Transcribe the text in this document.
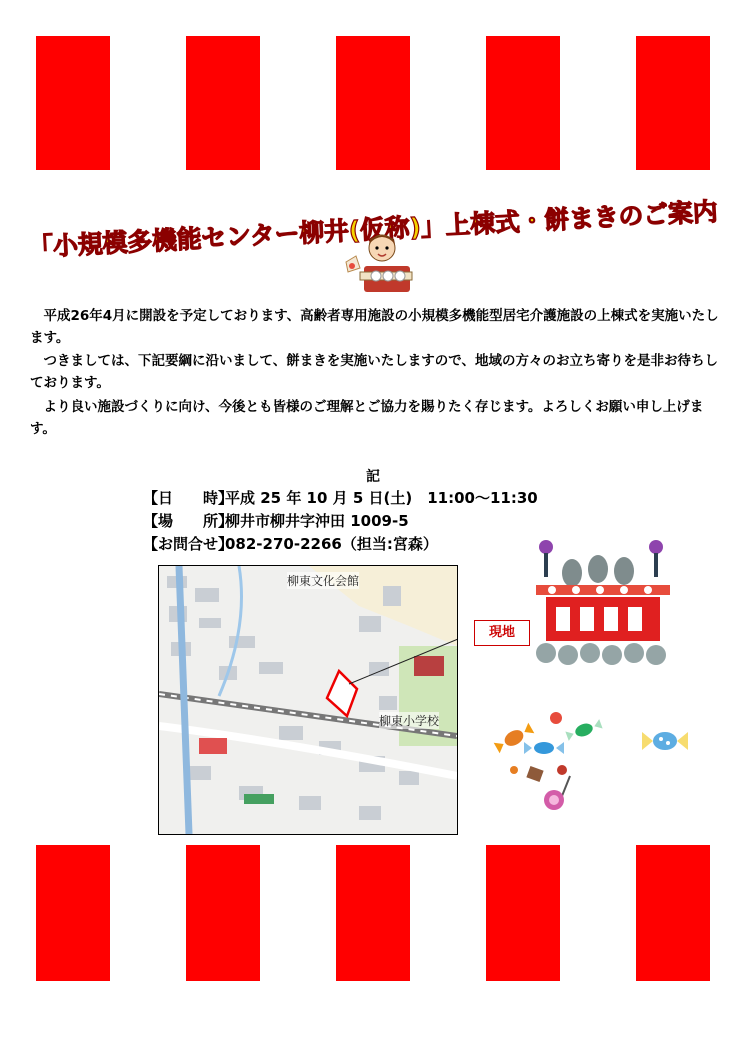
「小規模多機能センター柳井(仮称)」上棟式・餅まきのご案内

　平成26年4月に開設を予定しております、高齢者専用施設の小規模多機能型居宅介護施設の上棟式を実施いたします。

　つきましては、下記要綱に沿いまして、餅まきを実施いたしますので、地域の方々のお立ち寄りを是非お待ちしております。

　より良い施設づくりに向け、今後とも皆様のご理解とご協力を賜りたく存じます。よろしくお願い申し上げます。

記
【日　　時】平成 25 年 10 月 5 日(土)　11:00～11:30
【場　　所】柳井市柳井字沖田 1009-5
【お問合せ】082-270-2266（担当:宮森）
柳東文化会館
柳東小学校
現地
